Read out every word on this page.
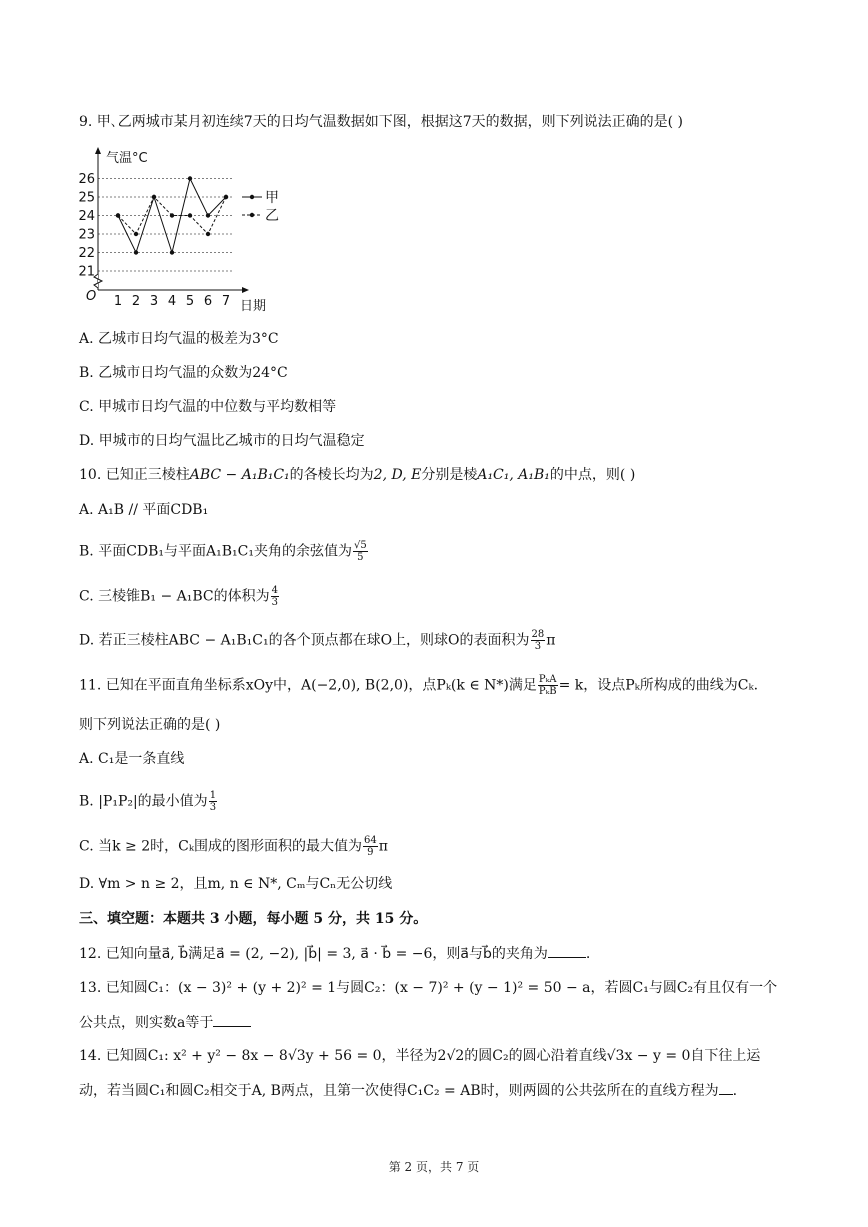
9. 甲､乙两城市某月初连续7天的日均气温数据如下图，根据这7天的数据，则下列说法正确的是( )
气温°C
日期
O
21
22
23
24
25
26
1 2 3 4 5 6 7
甲
乙
A. 乙城市日均气温的极差为3°C
B. 乙城市日均气温的众数为24°C
C. 甲城市日均气温的中位数与平均数相等
D. 甲城市的日均气温比乙城市的日均气温稳定
10. 已知正三棱柱ABC − A₁B₁C₁的各棱长均为2, D, E分别是棱A₁C₁, A₁B₁的中点，则( )
A. A₁B // 平面CDB₁
B. 平面CDB₁与平面A₁B₁C₁夹角的余弦值为 $\frac{√5}{5}$
C. 三棱锥B₁ − A₁BC的体积为 $\frac{4}{3}$
D. 若正三棱柱ABC − A₁B₁C₁的各个顶点都在球O上，则球O的表面积为 $\frac{28}{3}$ π
11. 已知在平面直角坐标系xOy中，A(−2,0), B(2,0)，点Pₖ(k ∈ N*)满足 $\frac{\text{PₖA}}{\text{PₖB}} = k$，设点Pₖ所构成的曲线为Cₖ.
则下列说法正确的是( )
A. C₁是一条直线
B. |P₁P₂|的最小值为 $\frac{1}{3}$
C. 当k ≥ 2时，Cₖ围成的图形面积的最大值为 $\frac{64}{9}$ π
D. ∀m > n ≥ 2，且m, n ∈ N*, Cₘ与Cₙ无公切线
三、填空题：本题共 3 小题，每小题 5 分，共 15 分。
12. 已知向量a⃗, b⃗满足a⃗ = (2, −2), |b⃗| = 3, a⃗ · b⃗ = −6，则a⃗与b⃗的夹角为	.
13. 已知圆C₁：(x − 3)² + (y + 2)² = 1与圆C₂：(x − 7)² + (y − 1)² = 50 − a，若圆C₁与圆C₂有且仅有一个
公共点，则实数a等于
14. 已知圆C₁: x² + y² − 8x − 8√3y + 56 = 0，半径为2√2的圆C₂的圆心沿着直线√3x − y = 0自下往上运
动，若当圆C₁和圆C₂相交于A, B两点，且第一次使得C₁C₂ = AB时，则两圆的公共弦所在的直线方程为 .
第 2 页，共 7 页
